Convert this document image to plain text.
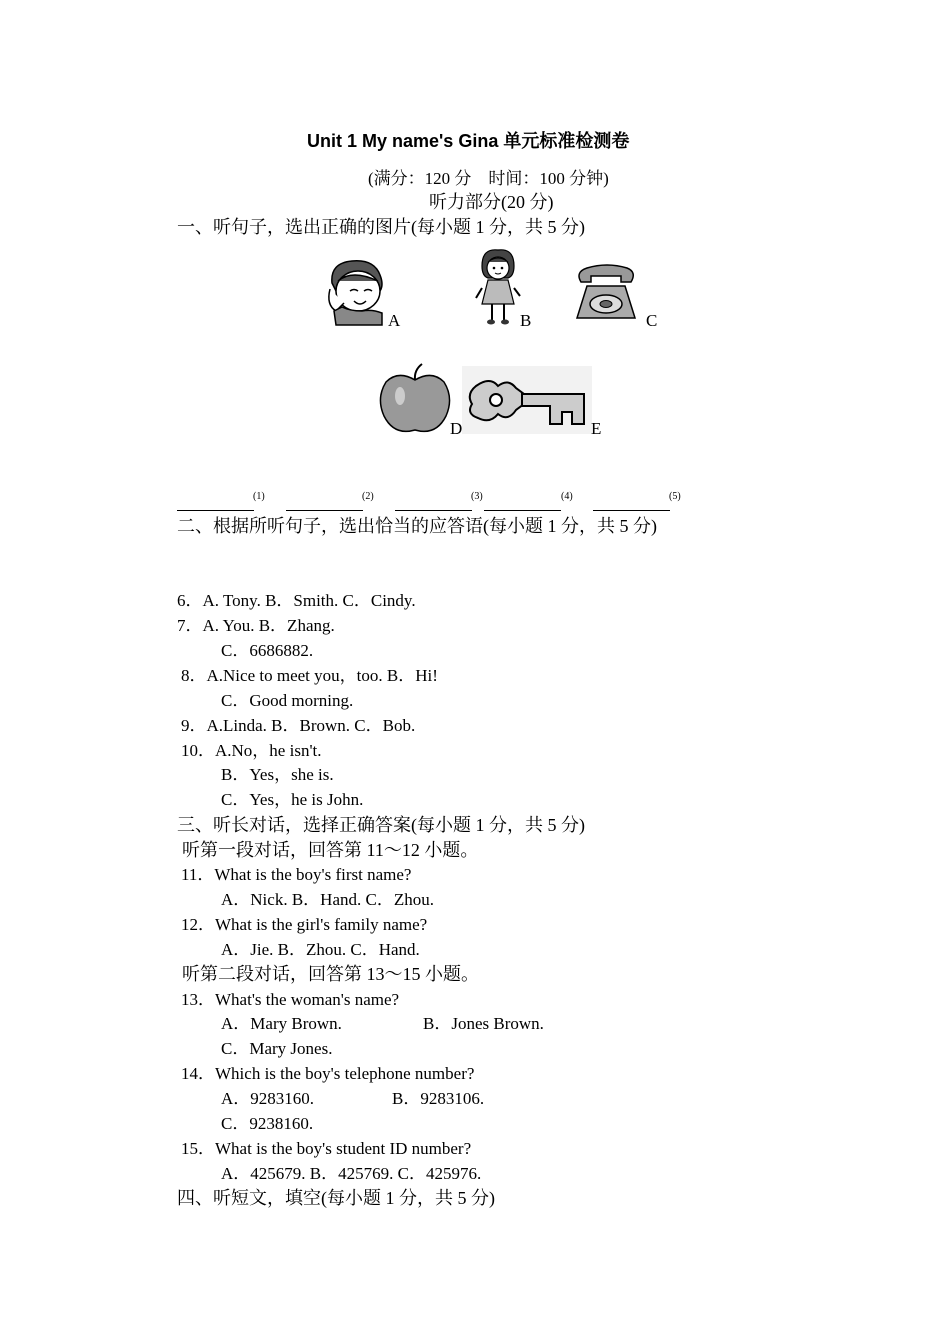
Unit 1 My name's Gina 单元标准检测卷
(满分：120 分　时间：100 分钟)
听力部分(20 分)
一、听句子，选出正确的图片(每小题 1 分，共 5 分)
A	B	C
D	E
(1)	(2)	(3)	(4)	(5)
二、根据所听句子，选出恰当的应答语(每小题 1 分，共 5 分)
6．A. Tony. B．Smith. C．Cindy.
7．A. You. B．Zhang.
C．6686882.
8．A.Nice to meet you，too. B．Hi!
C．Good morning.
9．A.Linda. B．Brown. C．Bob.
10．A.No，he isn't.
B．Yes，she is.
C．Yes，he is John.
三、听长对话，选择正确答案(每小题 1 分，共 5 分)
听第一段对话，回答第 11～12 小题。
11．What is the boy's first name?
A．Nick. B．Hand. C．Zhou.
12．What is the girl's family name?
A．Jie. B．Zhou. C．Hand.
听第二段对话，回答第 13～15 小题。
13．What's the woman's name?
A．Mary Brown.	B．Jones Brown.
C．Mary Jones.
14．Which is the boy's telephone number?
A．9283160.	B．9283106.
C．9238160.
15．What is the boy's student ID number?
A．425679. B．425769. C．425976.
四、听短文，填空(每小题 1 分，共 5 分)
